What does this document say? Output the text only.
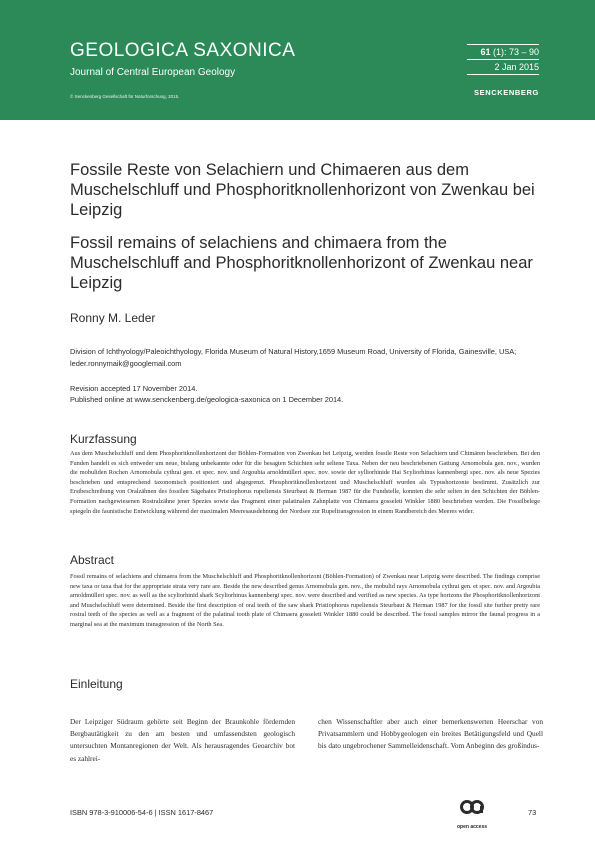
GEOLOGICA SAXONICA
Journal of Central European Geology
© Senckenberg Gesellschaft für Naturforschung, 2015.
61 (1): 73 – 90
2 Jan 2015
SENCKENBERG
Fossile Reste von Selachiern und Chimaeren aus dem Muschelschluff und Phosphoritknollenhorizont von Zwenkau bei Leipzig
Fossil remains of selachiens and chimaera from the Muschelschluff and Phosphoritknollenhorizont of Zwenkau near Leipzig
Ronny M. Leder
Division of Ichthyology/Paleoichthyology, Florida Museum of Natural History,1659 Museum Road, University of Florida, Gainesville, USA; leder.ronnymaik@googlemail.com
Revision accepted 17 November 2014.
Published online at www.senckenberg.de/geologica-saxonica on 1 December 2014.
Kurzfassung
Aus dem Muschelschluff und dem Phosphoritknollenhorizont der Böhlen-Formation von Zwenkau bei Leipzig, werden fossile Reste von Selachiern und Chimären beschrieben. Bei den Funden handelt es sich entweder um neue, bislang unbekannte oder für die besagten Schichten sehr seltene Taxa. Neben der neu beschriebenen Gattung Arnomobula gen. nov., wurden die mobuliden Rochen Arnomobula cythrai gen. et spec. nov. und Argoubia arnoldmülleri spec. nov. sowie der sylliorhinide Hai Scyliorhinus kannenbergi spec. nov. als neue Spezies beschrieben und entsprechend taxonomisch positioniert und abgegrenzt. Phosphoritknollenhorizont und Muschelschluff wurden als Typushorizonte bestimmt. Zusätzlich zur Erstbeschreibung von Oralzähnen des fossilen Sägehaies Pristiophorus rupeliensis Steurbaut & Herman 1987 für die Fundstelle, konnten die sehr selten in den Schichten der Böhlen-Formation nachgewiesenen Rostralzähne jener Spezies sowie das Fragment einer palatinalen Zahnplatte von Chimaera gosseleti Winkler 1880 beschrieben werden. Die Fossilbelege spiegeln die faunistische Entwicklung während der maximalen Meeresausdehnung der Nordsee zur Rupeltransgression in einem Randbereich des Meeres wider.
Abstract
Fossil remains of selachiens and chimaera from the Muschelschluff and Phosphoritknollenhorizont (Böhlen-Formation) of Zwenkau near Leipzig were described. The findings comprise new taxa or taxa that for the appropriate strata very rare are. Beside the new described genus Arnomobula gen. nov., the mobulid rays Arnomobula cythrai gen. et spec. nov. and Argoubia arnoldmülleri spec. nov. as well as the scyliorhinid shark Scyliorhinus kannenbergi spec. nov. were described and verified as new species. As type horizons the Phosphoritknollenhorizont and Muschelschluff were determined. Beside the first description of oral teeth of the saw shark Pristiophorus rupeliensis Steurbaut & Herman 1987 for the fossil site further pretty rare rostral teeth of the species as well as a fragment of the palatinal tooth plate of Chimaera gosseleti Winkler 1880 could be described. The fossil samples mirror the faunal progress in a marginal sea at the maximum transgression of the North Sea.
Einleitung
Der Leipziger Südraum gehörte seit Beginn der Braunkohle fördernden Bergbautätigkeit zu den am besten und umfassendsten geologisch untersuchten Montanregionen der Welt. Als herausragendes Geoarchiv bot es zahlrei-
chen Wissenschaftler aber auch einer bemerkenswerten Heerschar von Privatsammlern und Hobbygeologen ein breites Betätigungsfeld und Quell bis dato ungebrochener Sammelleidenschaft. Vom Anbeginn des großindus-
ISBN 978-3-910006-54-6 | ISSN 1617-8467
open access
73
